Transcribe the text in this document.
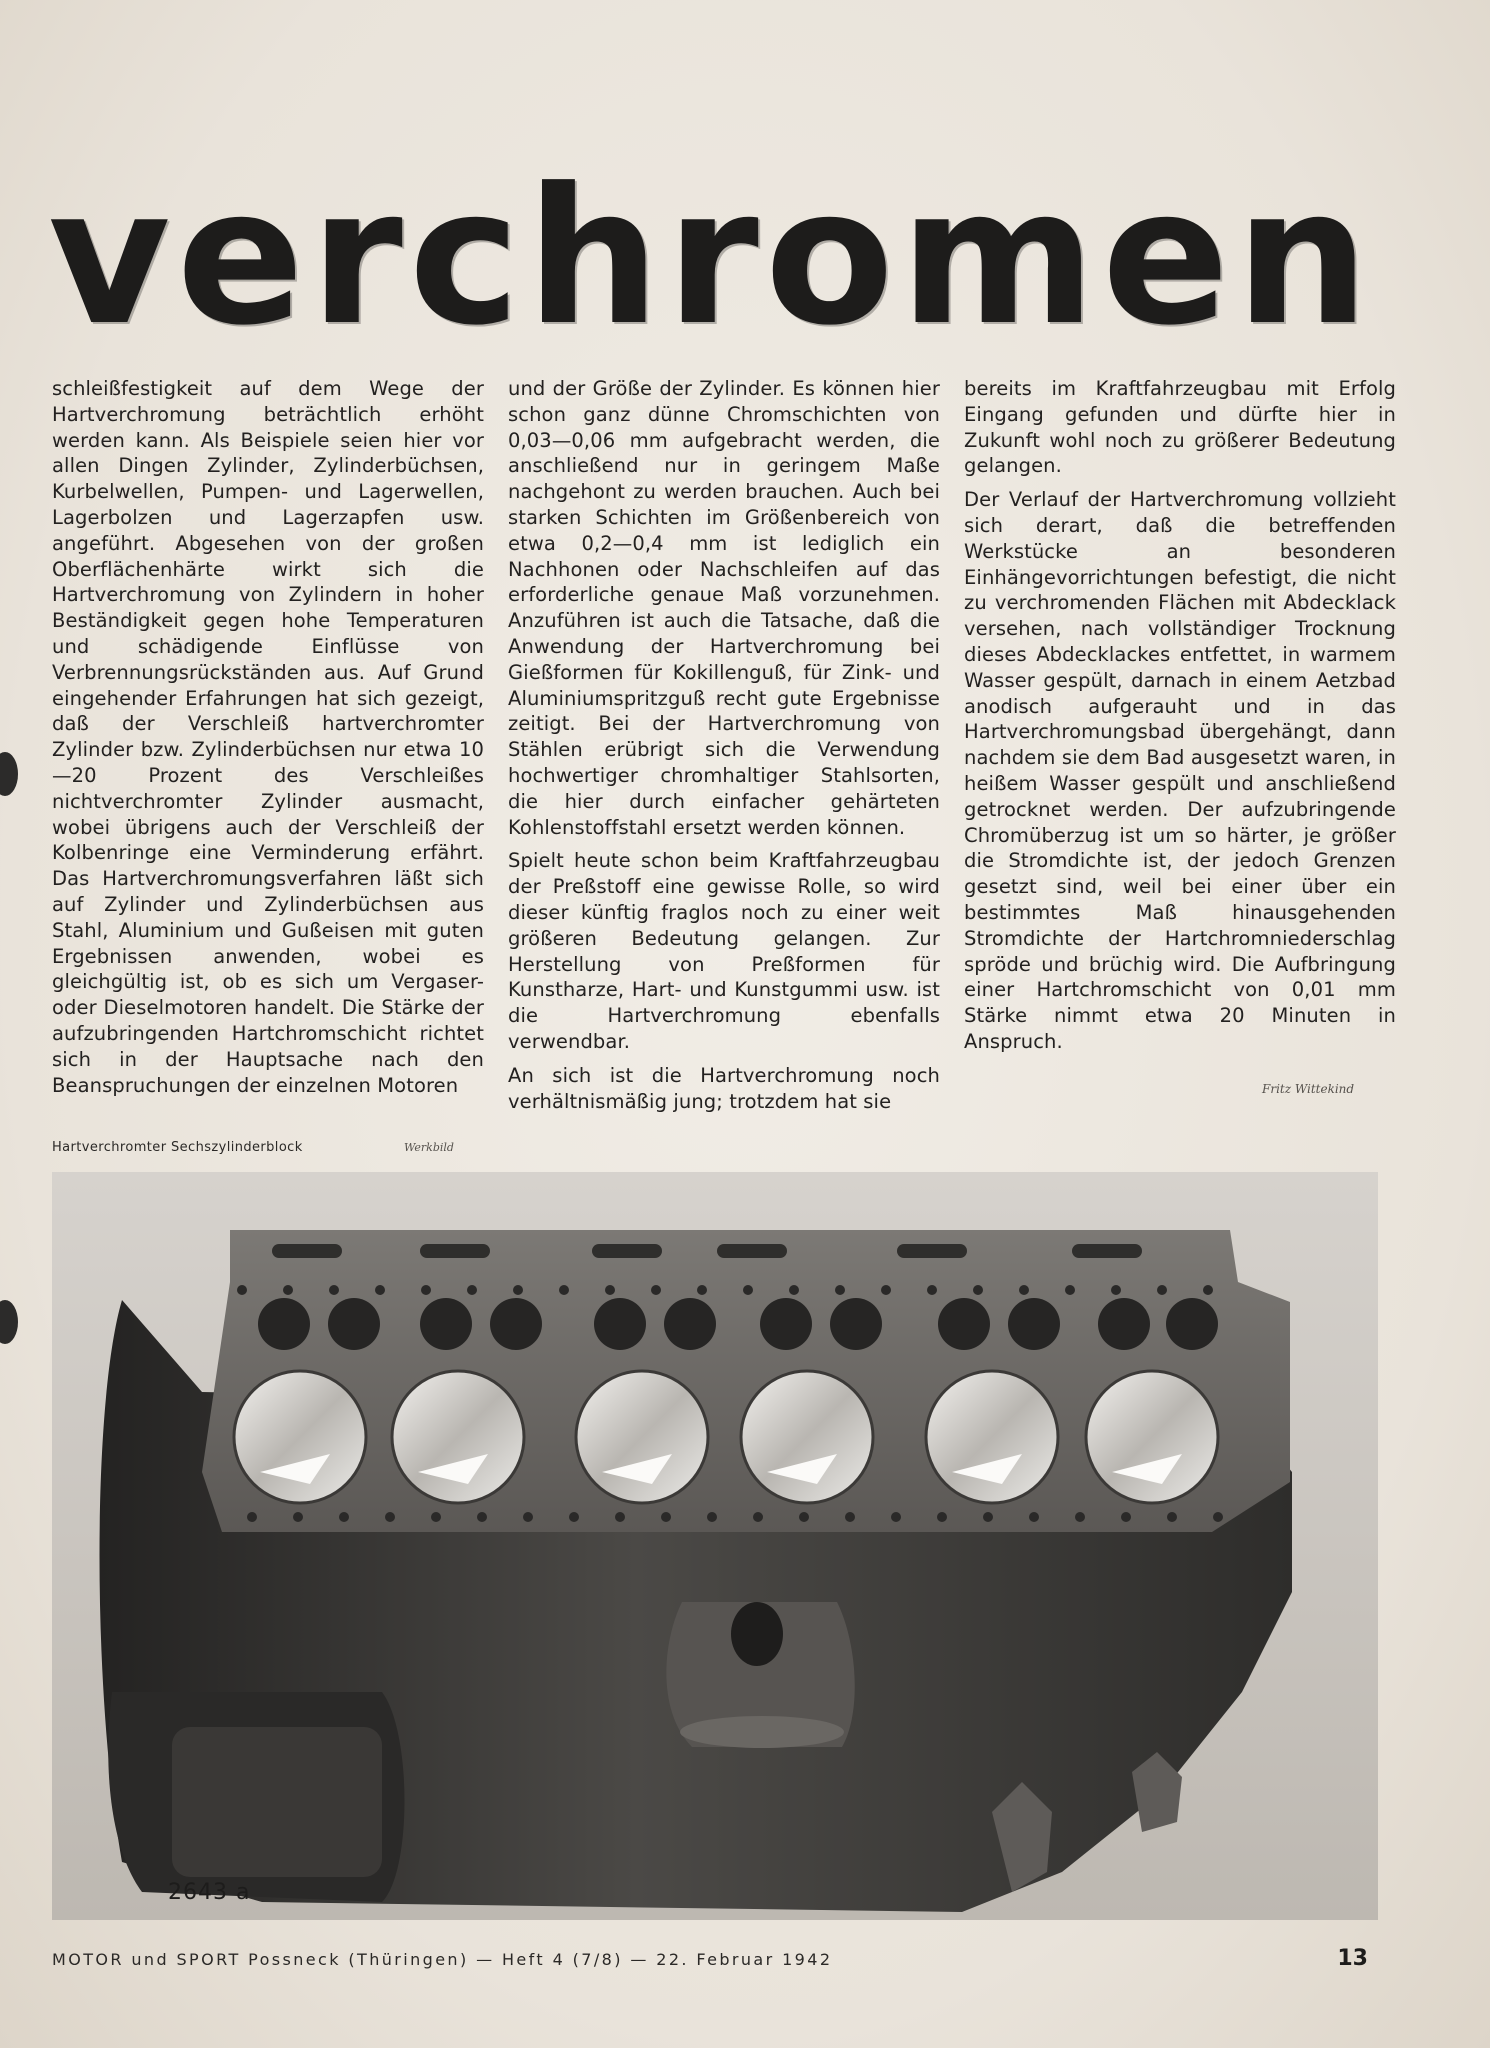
verchromen

schleißfestigkeit auf dem Wege der Hartverchromung beträchtlich erhöht werden kann. Als Beispiele seien hier vor allen Dingen Zylinder, Zylinderbüchsen, Kurbelwellen, Pumpen- und Lagerwellen, Lagerbolzen und Lagerzapfen usw. angeführt. Abgesehen von der großen Oberflächenhärte wirkt sich die Hartverchromung von Zylindern in hoher Beständigkeit gegen hohe Temperaturen und schädigende Einflüsse von Verbrennungsrückständen aus. Auf Grund eingehender Erfahrungen hat sich gezeigt, daß der Verschleiß hartverchromter Zylinder bzw. Zylinderbüchsen nur etwa 10—20 Prozent des Verschleißes nichtverchromter Zylinder ausmacht, wobei übrigens auch der Verschleiß der Kolbenringe eine Verminderung erfährt. Das Hartverchromungsverfahren läßt sich auf Zylinder und Zylinderbüchsen aus Stahl, Aluminium und Gußeisen mit guten Ergebnissen anwenden, wobei es gleichgültig ist, ob es sich um Vergaser- oder Dieselmotoren handelt. Die Stärke der aufzubringenden Hartchromschicht richtet sich in der Hauptsache nach den Beanspruchungen der einzelnen Motoren

und der Größe der Zylinder. Es können hier schon ganz dünne Chromschichten von 0,03—0,06 mm aufgebracht werden, die anschließend nur in geringem Maße nachgehont zu werden brauchen. Auch bei starken Schichten im Größenbereich von etwa 0,2—0,4 mm ist lediglich ein Nachhonen oder Nachschleifen auf das erforderliche genaue Maß vorzunehmen. Anzuführen ist auch die Tatsache, daß die Anwendung der Hartverchromung bei Gießformen für Kokillenguß, für Zink- und Aluminiumspritzguß recht gute Ergebnisse zeitigt. Bei der Hartverchromung von Stählen erübrigt sich die Verwendung hochwertiger chromhaltiger Stahlsorten, die hier durch einfacher gehärteten Kohlenstoffstahl ersetzt werden können.

Spielt heute schon beim Kraftfahrzeugbau der Preßstoff eine gewisse Rolle, so wird dieser künftig fraglos noch zu einer weit größeren Bedeutung gelangen. Zur Herstellung von Preßformen für Kunstharze, Hart- und Kunstgummi usw. ist die Hartverchromung ebenfalls verwendbar.

An sich ist die Hartverchromung noch verhältnismäßig jung; trotzdem hat sie

bereits im Kraftfahrzeugbau mit Erfolg Eingang gefunden und dürfte hier in Zukunft wohl noch zu größerer Bedeutung gelangen.

Der Verlauf der Hartverchromung vollzieht sich derart, daß die betreffenden Werkstücke an besonderen Einhängevorrichtungen befestigt, die nicht zu verchromenden Flächen mit Abdecklack versehen, nach vollständiger Trocknung dieses Abdecklackes entfettet, in warmem Wasser gespült, darnach in einem Aetzbad anodisch aufgerauht und in das Hartverchromungsbad übergehängt, dann nachdem sie dem Bad ausgesetzt waren, in heißem Wasser gespült und anschließend getrocknet werden. Der aufzubringende Chromüberzug ist um so härter, je größer die Stromdichte ist, der jedoch Grenzen gesetzt sind, weil bei einer über ein bestimmtes Maß hinausgehenden Stromdichte der Hartchromniederschlag spröde und brüchig wird. Die Aufbringung einer Hartchromschicht von 0,01 mm Stärke nimmt etwa 20 Minuten in Anspruch.

Fritz Wittekind
Hartverchromter Sechszylinderblock	Werkbild
2643 a
MOTOR und SPORT Possneck (Thüringen) — Heft 4 (7/8) — 22. Februar 1942	13
